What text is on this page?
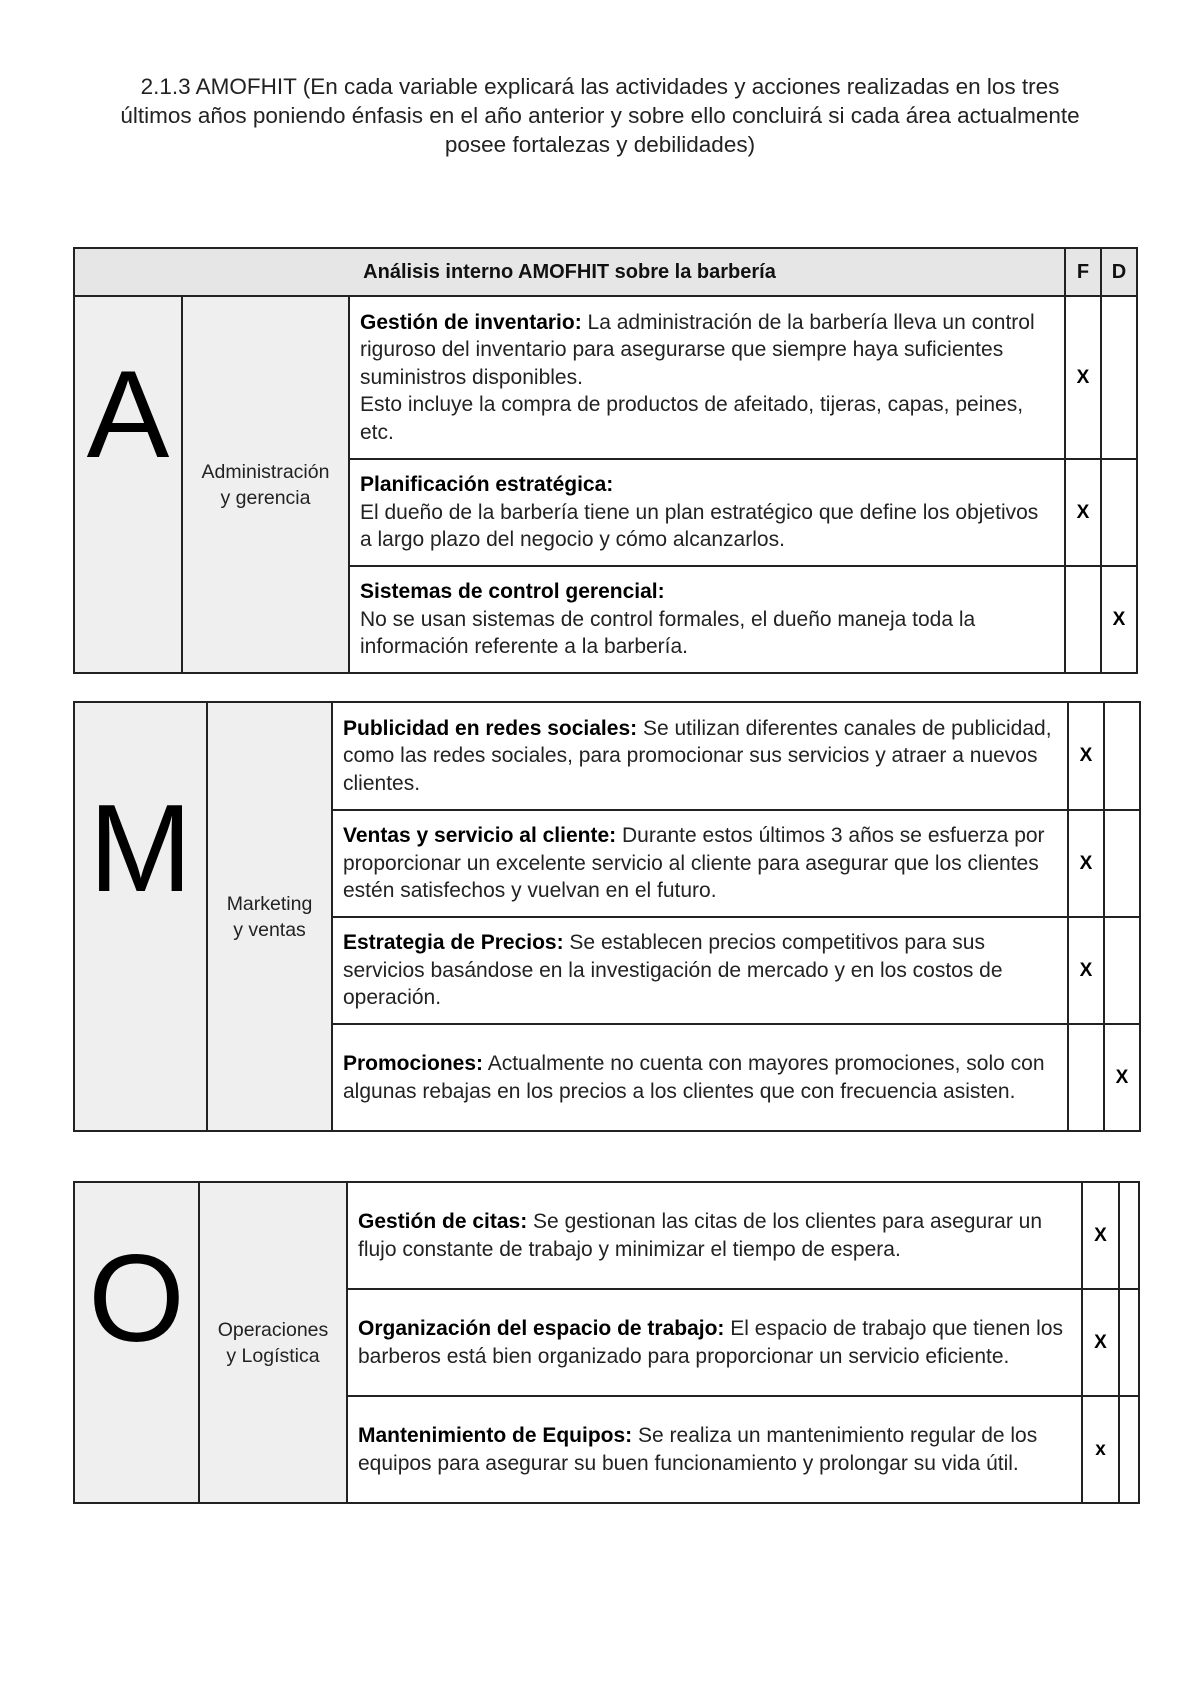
2.1.3 AMOFHIT (En cada variable explicará las actividades y acciones realizadas en los tres
últimos años poniendo énfasis en el año anterior y sobre ello concluirá si cada área actualmente
posee fortalezas y debilidades)
Análisis interno AMOFHIT sobre la barbería			F	D
A	Administración
y gerencia	Gestión de inventario: La administración de la barbería lleva un control riguroso del inventario para asegurarse que siempre haya suficientes suministros disponibles.
Esto incluye la compra de productos de afeitado, tijeras, capas, peines, etc.	X	

		Planificación estratégica:
El dueño de la barbería tiene un plan estratégico que define los objetivos a largo plazo del negocio y cómo alcanzarlos.	X	

		Sistemas de control gerencial:
No se usan sistemas de control formales, el dueño maneja toda la información referente a la barbería.		X
M	Marketing
y ventas	Publicidad en redes sociales: Se utilizan diferentes canales de publicidad, como las redes sociales, para promocionar sus servicios y atraer a nuevos clientes.	X	
		Ventas y servicio al cliente: Durante estos últimos 3 años se esfuerza por proporcionar un excelente servicio al cliente para asegurar que los clientes estén satisfechos y vuelvan en el futuro.	X	
		Estrategia de Precios: Se establecen precios competitivos para sus servicios basándose en la investigación de mercado y en los costos de operación.	X	
		Promociones: Actualmente no cuenta con mayores promociones, solo con algunas rebajas en los precios a los clientes que con frecuencia asisten.		X
O	Operaciones
y Logística	Gestión de citas: Se gestionan las citas de los clientes para asegurar un flujo constante de trabajo y minimizar el tiempo de espera.	X	
		Organización del espacio de trabajo: El espacio de trabajo que tienen los barberos está bien organizado para proporcionar un servicio eficiente.	X	
		Mantenimiento de Equipos: Se realiza un mantenimiento regular de los equipos para asegurar su buen funcionamiento y prolongar su vida útil.	x	
